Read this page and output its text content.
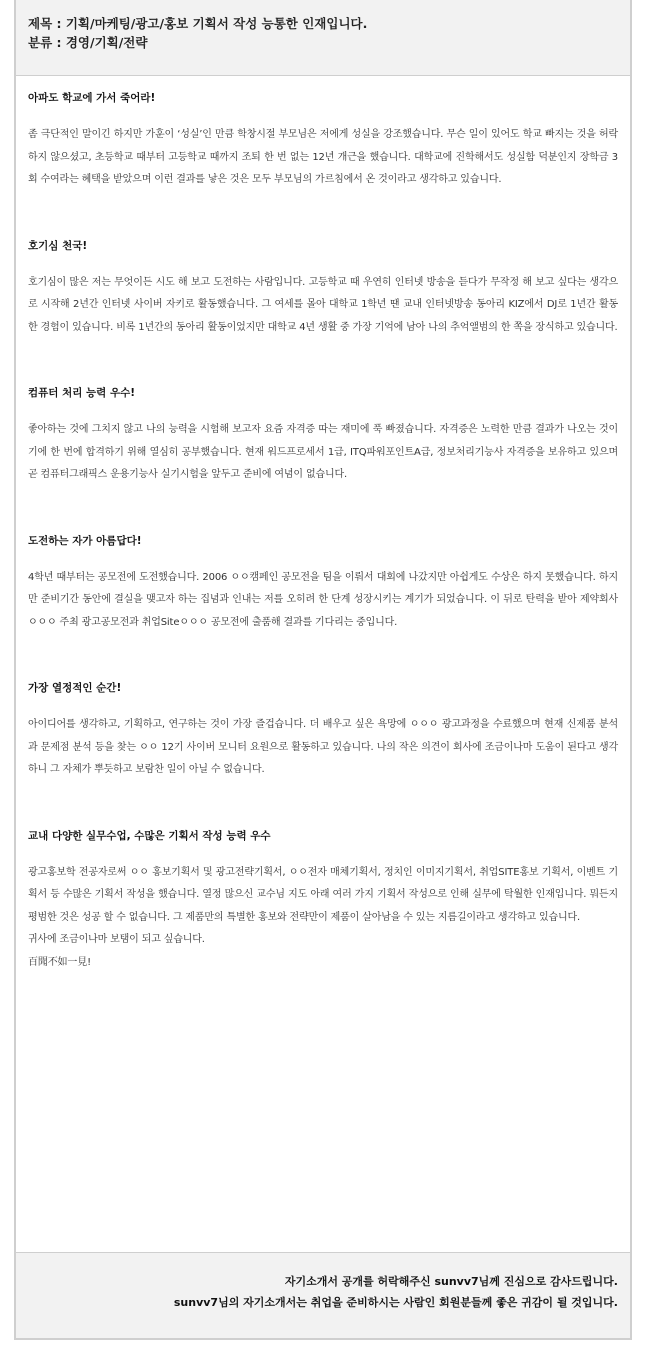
제목 : 기획/마케팅/광고/홍보 기획서 작성 능통한 인재입니다.
분류 : 경영/기획/전략
아파도 학교에 가서 죽어라!

좀 극단적인 말이긴 하지만 가훈이 ‘성실’인 만큼 학창시절 부모님은 저에게 성실을 강조했습니다. 무슨 일이 있어도 학교 빠지는 것을 허락하지 않으셨고, 초등학교 때부터 고등학교 때까지 조퇴 한 번 없는 12년 개근을 했습니다. 대학교에 진학해서도 성실함 덕분인지 장학금 3회 수여라는 혜택을 받았으며 이런 결과를 낳은 것은 모두 부모님의 가르침에서 온 것이라고 생각하고 있습니다.

호기심 천국!

호기심이 많은 저는 무엇이든 시도 해 보고 도전하는 사람입니다. 고등학교 때 우연히 인터넷 방송을 듣다가 무작정 해 보고 싶다는 생각으로 시작해 2년간 인터넷 사이버 자키로 활동했습니다. 그 여세를 몰아 대학교 1학년 땐 교내 인터넷방송 동아리 KIZ에서 DJ로 1년간 활동한 경험이 있습니다. 비록 1년간의 동아리 활동이었지만 대학교 4년 생활 중 가장 기억에 남아 나의 추억앨범의 한 쪽을 장식하고 있습니다.

컴퓨터 처리 능력 우수!

좋아하는 것에 그치지 않고 나의 능력을 시험해 보고자 요즘 자격증 따는 재미에 푹 빠졌습니다. 자격증은 노력한 만큼 결과가 나오는 것이기에 한 번에 합격하기 위해 열심히 공부했습니다. 현재 워드프로세서 1급, ITQ파워포인트A급, 정보처리기능사 자격증을 보유하고 있으며 곧 컴퓨터그래픽스 운용기능사 실기시험을 앞두고 준비에 여념이 없습니다.

도전하는 자가 아름답다!

4학년 때부터는 공모전에 도전했습니다. 2006 ㅇㅇ캠페인 공모전을 팀을 이뤄서 대회에 나갔지만 아쉽게도 수상은 하지 못했습니다. 하지만 준비기간 동안에 결실을 맺고자 하는 집념과 인내는 저를 오히려 한 단계 성장시키는 계기가 되었습니다. 이 뒤로 탄력을 받아 제약회사 ㅇㅇㅇ 주최 광고공모전과 취업Siteㅇㅇㅇ 공모전에 출품해 결과를 기다리는 중입니다.

가장 열정적인 순간!

아이디어를 생각하고, 기획하고, 연구하는 것이 가장 즐겁습니다. 더 배우고 싶은 욕망에 ㅇㅇㅇ 광고과정을 수료했으며 현재 신제품 분석과 문제점 분석 등을 찾는 ㅇㅇ 12기 사이버 모니터 요원으로 활동하고 있습니다. 나의 작은 의견이 회사에 조금이나마 도움이 된다고 생각하니 그 자체가 뿌듯하고 보람찬 일이 아닐 수 없습니다.

교내 다양한 실무수업, 수많은 기획서 작성 능력 우수

광고홍보학 전공자로써 ㅇㅇ 홍보기획서 및 광고전략기획서, ㅇㅇ전자 매체기획서, 정치인 이미지기획서, 취업SITE홍보 기획서, 이벤트 기획서 등 수많은 기획서 작성을 했습니다. 열정 많으신 교수님 지도 아래 여러 가지 기획서 작성으로 인해 실무에 탁월한 인재입니다. 뭐든지 평범한 것은 성공 할 수 없습니다. 그 제품만의 특별한 홍보와 전략만이 제품이 살아남을 수 있는 지름길이라고 생각하고 있습니다.

귀사에 조금이나마 보탬이 되고 싶습니다.

百聞不如一見!

자기소개서 공개를 허락해주신 sunvv7님께 진심으로 감사드립니다.
sunvv7님의 자기소개서는 취업을 준비하시는 사람인 회원분들께 좋은 귀감이 될 것입니다.
